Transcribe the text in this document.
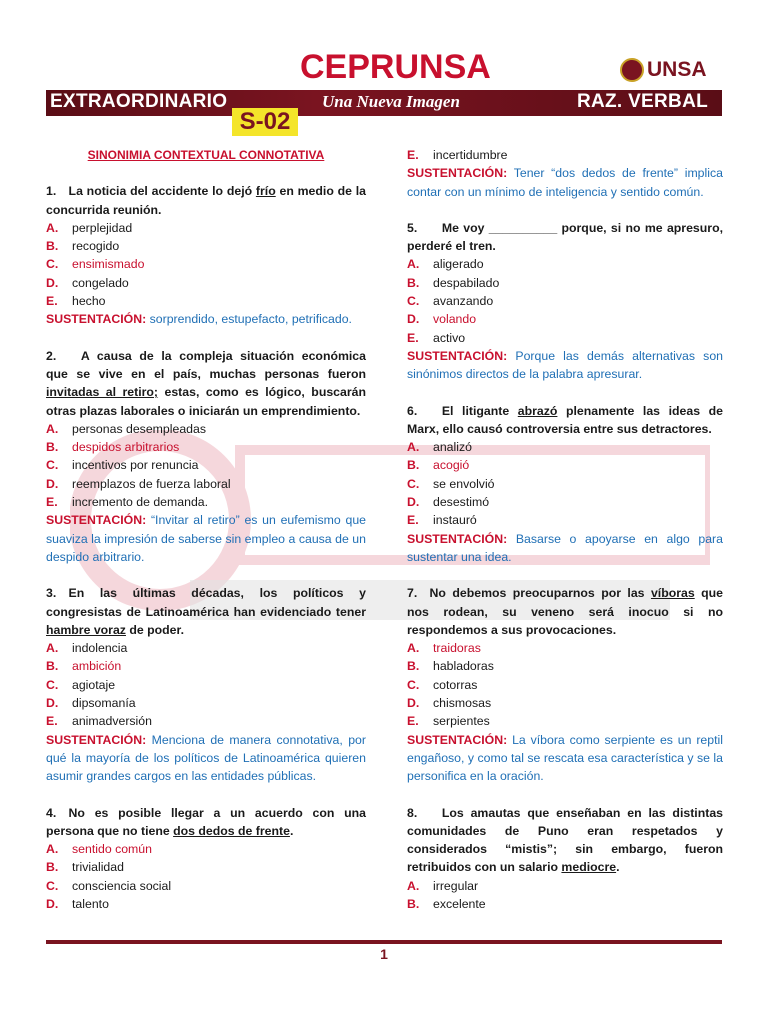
EXTRAORDINARIO	RAZ. VERBAL
CEPRUNSA
Una Nueva Imagen
UNSA
S-02
SINONIMIA CONTEXTUAL CONNOTATIVA
1. La noticia del accidente lo dejó frío en medio de la concurrida reunión.
A.	perplejidad
B.	recogido
C.	ensimismado
D.	congelado
E.	hecho
SUSTENTACIÓN: sorprendido, estupefacto, petrificado.
2.  A causa de la compleja situación económica que se vive en el país, muchas personas fueron invitadas al retiro; estas, como es lógico, buscarán otras plazas laborales o iniciarán un emprendimiento.
A.	personas desempleadas
B.	despidos arbitrarios
C.	incentivos por renuncia
D.	reemplazos de fuerza laboral
E.	incremento de demanda.
SUSTENTACIÓN: “Invitar al retiro” es un eufemismo que suaviza la impresión de saberse sin empleo a causa de un despido arbitrario.
3. En las últimas décadas, los políticos y congresistas de Latinoamérica han evidenciado tener hambre voraz de poder.
A.	indolencia
B.	ambición
C.	agiotaje
D.	dipsomanía
E.	animadversión
SUSTENTACIÓN: Menciona de manera connotativa, por qué la mayoría de los políticos de Latinoamérica quieren asumir grandes cargos en las entidades públicas.
4. No es posible llegar a un acuerdo con una persona que no tiene dos dedos de frente.
A.	sentido común
B.	trivialidad
C.	consciencia social
D.	talento
E.	incertidumbre
SUSTENTACIÓN: Tener “dos dedos de frente” implica contar con un mínimo de inteligencia y sentido común.
5.  Me voy __________ porque, si no me apresuro, perderé el tren.
A.	aligerado
B.	despabilado
C.	avanzando
D.	volando
E.	activo
SUSTENTACIÓN: Porque las demás alternativas son sinónimos directos de la palabra apresurar.
6.  El litigante abrazó plenamente las ideas de Marx, ello causó controversia entre sus detractores.
A.	analizó
B.	acogió
C.	se envolvió
D.	desestimó
E.	instauró
SUSTENTACIÓN: Basarse o apoyarse en algo para sustentar una idea.
7. No debemos preocuparnos por las víboras que nos rodean, su veneno será inocuo si no respondemos a sus provocaciones.
A.	traidoras
B.	habladoras
C.	cotorras
D.	chismosas
E.	serpientes
SUSTENTACIÓN: La víbora como serpiente es un reptil engañoso, y como tal se rescata esa característica y se la personifica en la oración.
8.  Los amautas que enseñaban en las distintas comunidades de Puno eran respetados y considerados “mistis”; sin embargo, fueron retribuidos con un salario mediocre.
A.	irregular
B.	excelente
1
